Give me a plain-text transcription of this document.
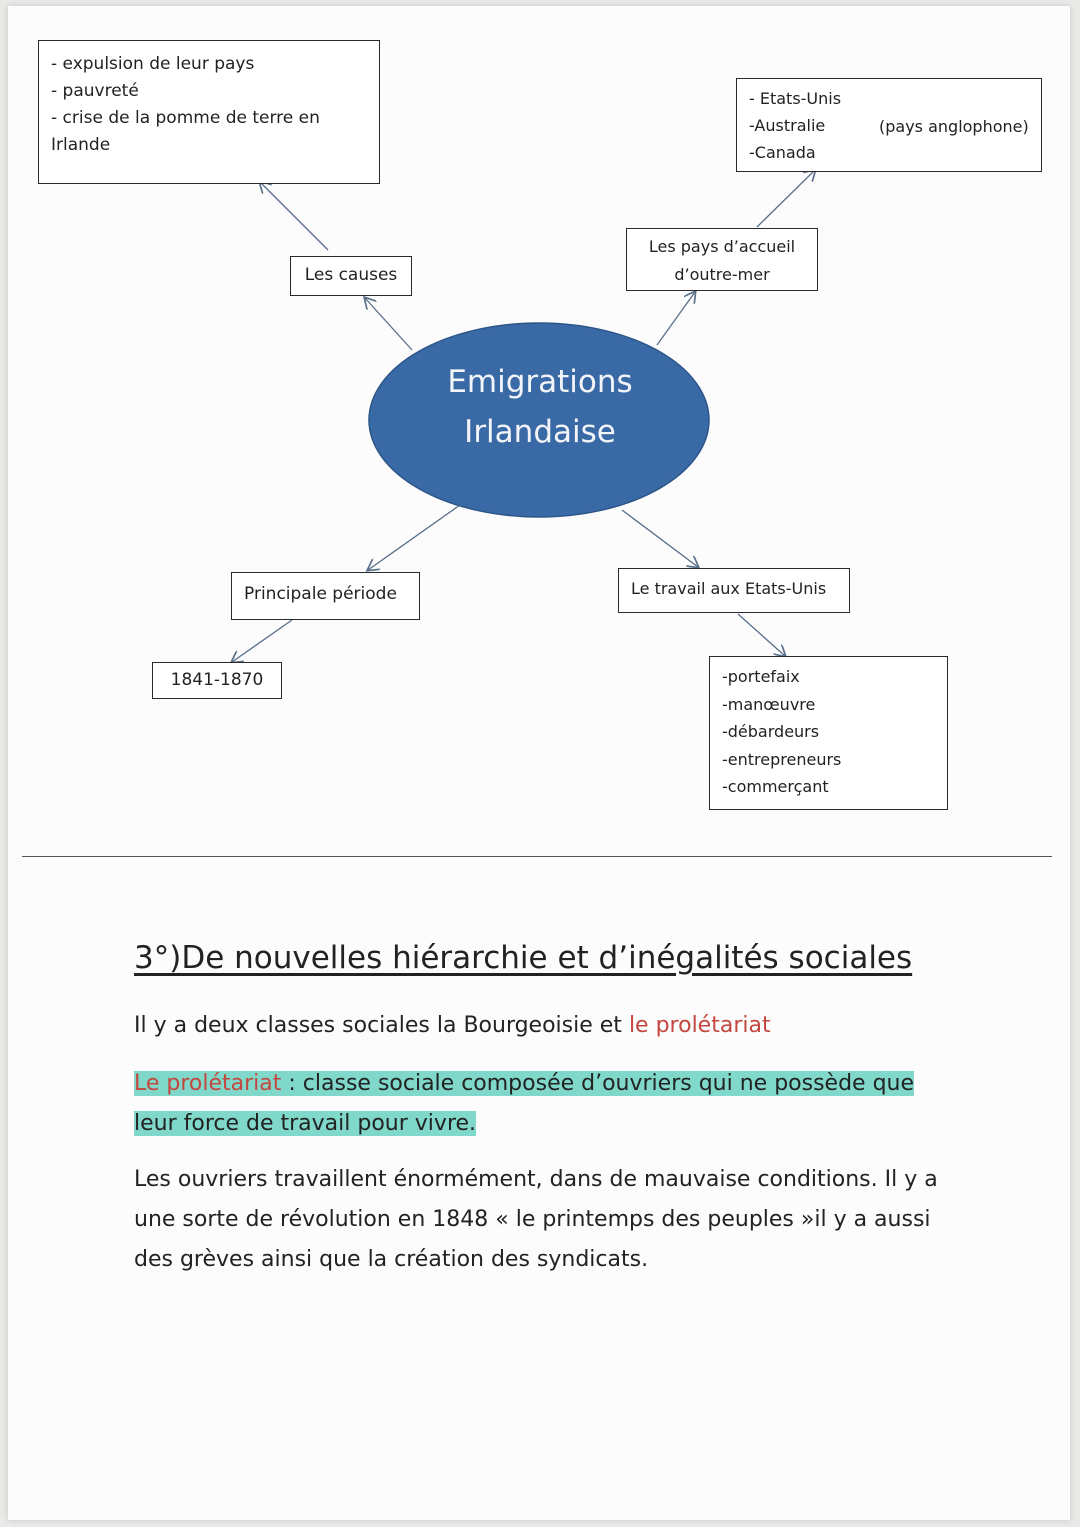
Emigrations
Irlandaise
- expulsion de leur pays
- pauvreté
- crise de la pomme de terre en
Irlande
Les causes
- Etats-Unis
-Australie
-Canada
(pays anglophone)
Les pays d’accueil
d’outre-mer
Principale période
1841-1870
Le travail aux Etats-Unis
-portefaix
-manœuvre
-débardeurs
-entrepreneurs
-commerçant
3°)De nouvelles hiérarchie et d’inégalités sociales
Il y a deux classes sociales la Bourgeoisie et le prolétariat
Le prolétariat : classe sociale composée d’ouvriers qui ne possède que
leur force de travail pour vivre.
Les ouvriers travaillent énormément, dans de mauvaise conditions. Il y a
une sorte de révolution en 1848 « le printemps des peuples »il y a aussi
des grèves ainsi que la création des syndicats.
